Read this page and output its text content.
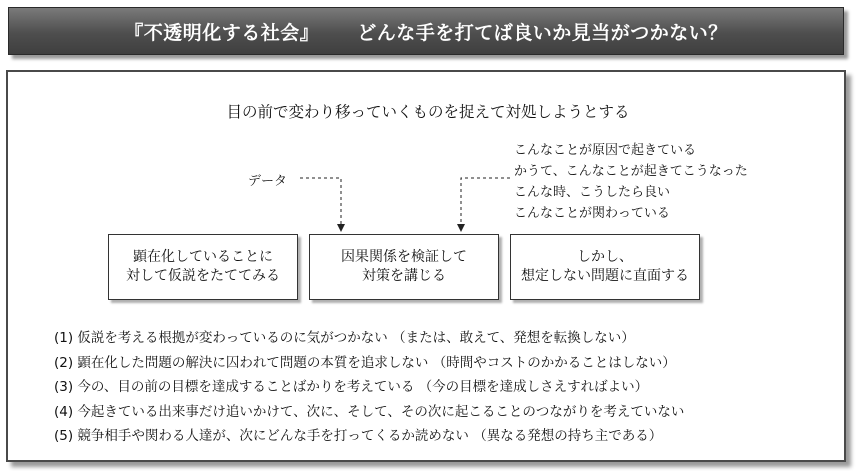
『不透明化する社会』 どんな手を打てば良いか見当がつかない？
目の前で変わり移っていくものを捉えて対処しようとする
データ
こんなことが原因で起きている
かうて、こんなことが起きてこうなった
こんな時、こうしたら良い
こんなことが関わっている
顕在化していることに
対して仮説をたててみる
因果関係を検証して
対策を講じる
しかし、
想定しない問題に直面する
(1) 仮説を考える根拠が変わっているのに気がつかない （または、敢えて、発想を転換しない）
(2) 顕在化した問題の解決に囚われて問題の本質を追求しない （時間やコストのかかることはしない）
(3) 今の、目の前の目標を達成することばかりを考えている （今の目標を達成しさえすればよい）
(4) 今起きている出来事だけ追いかけて、次に、そして、その次に起こることのつながりを考えていない
(5) 競争相手や関わる人達が、次にどんな手を打ってくるか読めない （異なる発想の持ち主である）
